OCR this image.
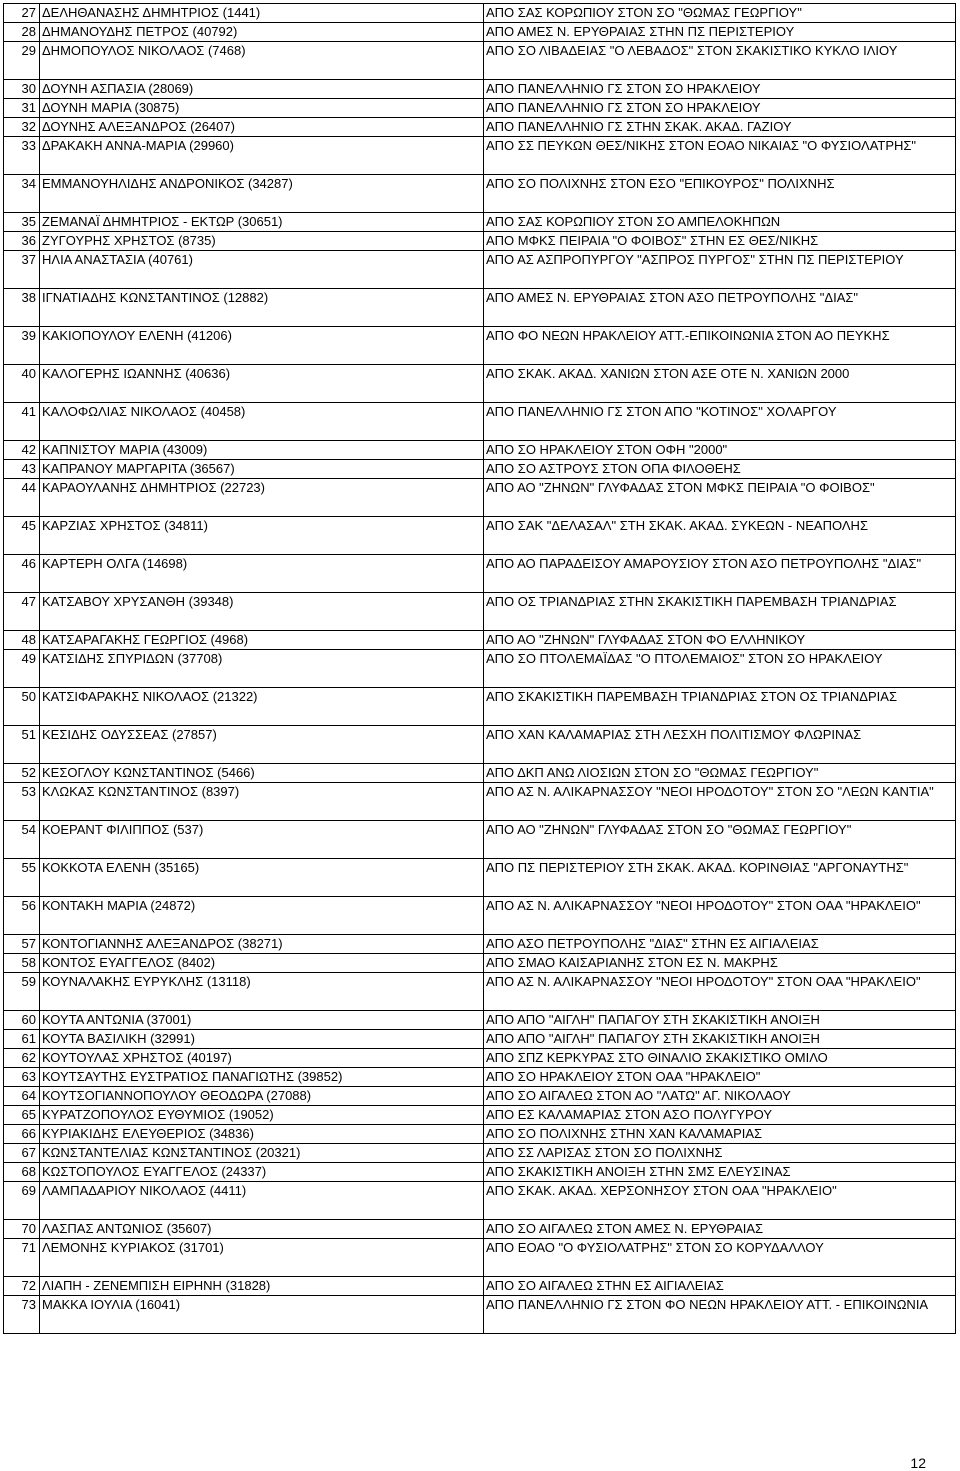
27	ΔΕΛΗΘΑΝΑΣΗΣ ΔΗΜΗΤΡΙΟΣ (1441)	ΑΠΟ ΣΑΣ ΚΟΡΩΠΙΟΥ ΣΤΟΝ ΣΟ "ΘΩΜΑΣ ΓΕΩΡΓΙΟΥ"
28	ΔΗΜΑΝΟΥΔΗΣ ΠΕΤΡΟΣ (40792)	ΑΠΟ ΑΜΕΣ Ν. ΕΡΥΘΡΑΙΑΣ ΣΤΗΝ ΠΣ ΠΕΡΙΣΤΕΡΙΟΥ
29	ΔΗΜΟΠΟΥΛΟΣ ΝΙΚΟΛΑΟΣ (7468)	ΑΠΟ ΣΟ ΛΙΒΑΔΕΙΑΣ "Ο ΛΕΒΑΔΟΣ" ΣΤΟΝ ΣΚΑΚΙΣΤΙΚΟ ΚΥΚΛΟ ΙΛΙΟΥ
30	ΔΟΥΝΗ ΑΣΠΑΣΙΑ (28069)	ΑΠΟ ΠΑΝΕΛΛΗΝΙΟ ΓΣ ΣΤΟΝ ΣΟ ΗΡΑΚΛΕΙΟΥ
31	ΔΟΥΝΗ ΜΑΡΙΑ (30875)	ΑΠΟ ΠΑΝΕΛΛΗΝΙΟ ΓΣ ΣΤΟΝ ΣΟ ΗΡΑΚΛΕΙΟΥ
32	ΔΟΥΝΗΣ ΑΛΕΞΑΝΔΡΟΣ (26407)	ΑΠΟ ΠΑΝΕΛΛΗΝΙΟ ΓΣ ΣΤΗΝ ΣΚΑΚ. ΑΚΑΔ. ΓΑΖΙΟΥ
33	ΔΡΑΚΑΚΗ ΑΝΝΑ-ΜΑΡΙΑ (29960)	ΑΠΟ ΣΣ ΠΕΥΚΩΝ ΘΕΣ/ΝΙΚΗΣ ΣΤΟΝ ΕΟΑΟ ΝΙΚΑΙΑΣ "Ο ΦΥΣΙΟΛΑΤΡΗΣ"
34	ΕΜΜΑΝΟΥΗΛΙΔΗΣ ΑΝΔΡΟΝΙΚΟΣ (34287)	ΑΠΟ ΣΟ ΠΟΛΙΧΝΗΣ ΣΤΟΝ ΕΣΟ "ΕΠΙΚΟΥΡΟΣ" ΠΟΛΙΧΝΗΣ
35	ΖΕΜΑΝΑΪ ΔΗΜΗΤΡΙΟΣ - ΕΚΤΩΡ (30651)	ΑΠΟ ΣΑΣ ΚΟΡΩΠΙΟΥ ΣΤΟΝ ΣΟ ΑΜΠΕΛΟΚΗΠΩΝ
36	ΖΥΓΟΥΡΗΣ ΧΡΗΣΤΟΣ (8735)	ΑΠΟ ΜΦΚΣ ΠΕΙΡΑΙΑ "Ο ΦΟΙΒΟΣ" ΣΤΗΝ ΕΣ ΘΕΣ/ΝΙΚΗΣ
37	ΗΛΙΑ ΑΝΑΣΤΑΣΙΑ (40761)	ΑΠΟ ΑΣ ΑΣΠΡΟΠΥΡΓΟΥ "ΑΣΠΡΟΣ ΠΥΡΓΟΣ" ΣΤΗΝ ΠΣ ΠΕΡΙΣΤΕΡΙΟΥ
38	ΙΓΝΑΤΙΑΔΗΣ ΚΩΝΣΤΑΝΤΙΝΟΣ (12882)	ΑΠΟ ΑΜΕΣ Ν. ΕΡΥΘΡΑΙΑΣ ΣΤΟΝ ΑΣΟ ΠΕΤΡΟΥΠΟΛΗΣ "ΔΙΑΣ"
39	ΚΑΚΙΟΠΟΥΛΟΥ ΕΛΕΝΗ (41206)	ΑΠΟ ΦΟ ΝΕΩΝ ΗΡΑΚΛΕΙΟΥ ΑΤΤ.-ΕΠΙΚΟΙΝΩΝΙΑ ΣΤΟΝ ΑΟ ΠΕΥΚΗΣ
40	ΚΑΛΟΓΕΡΗΣ ΙΩΑΝΝΗΣ (40636)	ΑΠΟ ΣΚΑΚ. ΑΚΑΔ. ΧΑΝΙΩΝ ΣΤΟΝ ΑΣΕ ΟΤΕ Ν. ΧΑΝΙΩΝ 2000
41	ΚΑΛΟΦΩΛΙΑΣ ΝΙΚΟΛΑΟΣ (40458)	ΑΠΟ ΠΑΝΕΛΛΗΝΙΟ ΓΣ ΣΤΟΝ ΑΠΟ "ΚΟΤΙΝΟΣ" ΧΟΛΑΡΓΟΥ
42	ΚΑΠΝΙΣΤΟΥ ΜΑΡΙΑ (43009)	ΑΠΟ ΣΟ ΗΡΑΚΛΕΙΟΥ ΣΤΟΝ ΟΦΗ "2000"
43	ΚΑΠΡΑΝΟΥ ΜΑΡΓΑΡΙΤΑ (36567)	ΑΠΟ ΣΟ ΑΣΤΡΟΥΣ ΣΤΟΝ ΟΠΑ ΦΙΛΟΘΕΗΣ
44	ΚΑΡΑΟΥΛΑΝΗΣ ΔΗΜΗΤΡΙΟΣ (22723)	ΑΠΟ ΑΟ "ΖΗΝΩΝ" ΓΛΥΦΑΔΑΣ ΣΤΟΝ ΜΦΚΣ ΠΕΙΡΑΙΑ "Ο ΦΟΙΒΟΣ"
45	ΚΑΡΖΙΑΣ ΧΡΗΣΤΟΣ (34811)	ΑΠΟ ΣΑΚ "ΔΕΛΑΣΑΛ" ΣΤΗ ΣΚΑΚ. ΑΚΑΔ. ΣΥΚΕΩΝ - ΝΕΑΠΟΛΗΣ
46	ΚΑΡΤΕΡΗ ΟΛΓΑ (14698)	ΑΠΟ ΑΟ ΠΑΡΑΔΕΙΣΟΥ ΑΜΑΡΟΥΣΙΟΥ ΣΤΟΝ ΑΣΟ ΠΕΤΡΟΥΠΟΛΗΣ "ΔΙΑΣ"
47	ΚΑΤΣΑΒΟΥ ΧΡΥΣΑΝΘΗ (39348)	ΑΠΟ ΟΣ ΤΡΙΑΝΔΡΙΑΣ ΣΤΗΝ ΣΚΑΚΙΣΤΙΚΗ ΠΑΡΕΜΒΑΣΗ ΤΡΙΑΝΔΡΙΑΣ
48	ΚΑΤΣΑΡΑΓΑΚΗΣ ΓΕΩΡΓΙΟΣ (4968)	ΑΠΟ ΑΟ "ΖΗΝΩΝ" ΓΛΥΦΑΔΑΣ ΣΤΟΝ ΦΟ ΕΛΛΗΝΙΚΟΥ
49	ΚΑΤΣΙΔΗΣ ΣΠΥΡΙΔΩΝ (37708)	ΑΠΟ ΣΟ ΠΤΟΛΕΜΑΪΔΑΣ "Ο ΠΤΟΛΕΜΑΙΟΣ" ΣΤΟΝ ΣΟ ΗΡΑΚΛΕΙΟΥ
50	ΚΑΤΣΙΦΑΡΑΚΗΣ ΝΙΚΟΛΑΟΣ (21322)	ΑΠΟ ΣΚΑΚΙΣΤΙΚΗ ΠΑΡΕΜΒΑΣΗ ΤΡΙΑΝΔΡΙΑΣ ΣΤΟΝ ΟΣ ΤΡΙΑΝΔΡΙΑΣ
51	ΚΕΣΙΔΗΣ ΟΔΥΣΣΕΑΣ (27857)	ΑΠΟ ΧΑΝ ΚΑΛΑΜΑΡΙΑΣ ΣΤΗ ΛΕΣΧΗ ΠΟΛΙΤΙΣΜΟΥ ΦΛΩΡΙΝΑΣ
52	ΚΕΣΟΓΛΟΥ ΚΩΝΣΤΑΝΤΙΝΟΣ (5466)	ΑΠΟ ΔΚΠ ΑΝΩ ΛΙΟΣΙΩΝ ΣΤΟΝ ΣΟ "ΘΩΜΑΣ ΓΕΩΡΓΙΟΥ"
53	ΚΛΩΚΑΣ ΚΩΝΣΤΑΝΤΙΝΟΣ (8397)	ΑΠΟ ΑΣ Ν. ΑΛΙΚΑΡΝΑΣΣΟΥ "ΝΕΟΙ ΗΡΟΔΟΤΟΥ" ΣΤΟΝ ΣΟ "ΛΕΩΝ ΚΑΝΤΙΑ"
54	ΚΟΕΡΑΝΤ ΦΙΛΙΠΠΟΣ (537)	ΑΠΟ ΑΟ "ΖΗΝΩΝ" ΓΛΥΦΑΔΑΣ ΣΤΟΝ ΣΟ "ΘΩΜΑΣ ΓΕΩΡΓΙΟΥ"
55	ΚΟΚΚΟΤΑ ΕΛΕΝΗ (35165)	ΑΠΟ ΠΣ ΠΕΡΙΣΤΕΡΙΟΥ ΣΤΗ ΣΚΑΚ. ΑΚΑΔ. ΚΟΡΙΝΘΙΑΣ "ΑΡΓΟΝΑΥΤΗΣ"
56	ΚΟΝΤΑΚΗ ΜΑΡΙΑ (24872)	ΑΠΟ ΑΣ Ν. ΑΛΙΚΑΡΝΑΣΣΟΥ "ΝΕΟΙ ΗΡΟΔΟΤΟΥ" ΣΤΟΝ ΟΑΑ "ΗΡΑΚΛΕΙΟ"
57	ΚΟΝΤΟΓΙΑΝΝΗΣ ΑΛΕΞΑΝΔΡΟΣ (38271)	ΑΠΟ ΑΣΟ ΠΕΤΡΟΥΠΟΛΗΣ "ΔΙΑΣ" ΣΤΗΝ ΕΣ ΑΙΓΙΑΛΕΙΑΣ
58	ΚΟΝΤΟΣ ΕΥΑΓΓΕΛΟΣ (8402)	ΑΠΟ ΣΜΑΟ ΚΑΙΣΑΡΙΑΝΗΣ ΣΤΟΝ ΕΣ Ν. ΜΑΚΡΗΣ
59	ΚΟΥΝΑΛΑΚΗΣ ΕΥΡΥΚΛΗΣ (13118)	ΑΠΟ ΑΣ Ν. ΑΛΙΚΑΡΝΑΣΣΟΥ "ΝΕΟΙ ΗΡΟΔΟΤΟΥ" ΣΤΟΝ ΟΑΑ "ΗΡΑΚΛΕΙΟ"
60	ΚΟΥΤΑ ΑΝΤΩΝΙΑ (37001)	ΑΠΟ ΑΠΟ "ΑΙΓΛΗ" ΠΑΠΑΓΟΥ ΣΤΗ ΣΚΑΚΙΣΤΙΚΗ ΑΝΟΙΞΗ
61	ΚΟΥΤΑ ΒΑΣΙΛΙΚΗ (32991)	ΑΠΟ ΑΠΟ "ΑΙΓΛΗ" ΠΑΠΑΓΟΥ ΣΤΗ ΣΚΑΚΙΣΤΙΚΗ ΑΝΟΙΞΗ
62	ΚΟΥΤΟΥΛΑΣ ΧΡΗΣΤΟΣ (40197)	ΑΠΟ ΣΠΖ ΚΕΡΚΥΡΑΣ ΣΤΟ ΘΙΝΑΛΙΟ ΣΚΑΚΙΣΤΙΚΟ ΟΜΙΛΟ
63	ΚΟΥΤΣΑΥΤΗΣ ΕΥΣΤΡΑΤΙΟΣ ΠΑΝΑΓΙΩΤΗΣ (39852)	ΑΠΟ ΣΟ ΗΡΑΚΛΕΙΟΥ ΣΤΟΝ ΟΑΑ "ΗΡΑΚΛΕΙΟ"
64	ΚΟΥΤΣΟΓΙΑΝΝΟΠΟΥΛΟΥ ΘΕΟΔΩΡΑ (27088)	ΑΠΟ ΣΟ ΑΙΓΑΛΕΩ ΣΤΟΝ ΑΟ "ΛΑΤΩ" ΑΓ. ΝΙΚΟΛΑΟΥ
65	ΚΥΡΑΤΖΟΠΟΥΛΟΣ ΕΥΘΥΜΙΟΣ (19052)	ΑΠΟ ΕΣ ΚΑΛΑΜΑΡΙΑΣ ΣΤΟΝ ΑΣΟ ΠΟΛΥΓΥΡΟΥ
66	ΚΥΡΙΑΚΙΔΗΣ ΕΛΕΥΘΕΡΙΟΣ (34836)	ΑΠΟ ΣΟ ΠΟΛΙΧΝΗΣ ΣΤΗΝ ΧΑΝ ΚΑΛΑΜΑΡΙΑΣ
67	ΚΩΝΣΤΑΝΤΕΛΙΑΣ ΚΩΝΣΤΑΝΤΙΝΟΣ (20321)	ΑΠΟ ΣΣ ΛΑΡΙΣΑΣ ΣΤΟΝ ΣΟ ΠΟΛΙΧΝΗΣ
68	ΚΩΣΤΟΠΟΥΛΟΣ ΕΥΑΓΓΕΛΟΣ (24337)	ΑΠΟ ΣΚΑΚΙΣΤΙΚΗ ΑΝΟΙΞΗ ΣΤΗΝ ΣΜΣ ΕΛΕΥΣΙΝΑΣ
69	ΛΑΜΠΑΔΑΡΙΟΥ ΝΙΚΟΛΑΟΣ (4411)	ΑΠΟ ΣΚΑΚ. ΑΚΑΔ. ΧΕΡΣΟΝΗΣΟΥ ΣΤΟΝ ΟΑΑ "ΗΡΑΚΛΕΙΟ"
70	ΛΑΣΠΑΣ ΑΝΤΩΝΙΟΣ (35607)	ΑΠΟ ΣΟ ΑΙΓΑΛΕΩ ΣΤΟΝ ΑΜΕΣ Ν. ΕΡΥΘΡΑΙΑΣ
71	ΛΕΜΟΝΗΣ ΚΥΡΙΑΚΟΣ (31701)	ΑΠΟ ΕΟΑΟ "Ο ΦΥΣΙΟΛΑΤΡΗΣ" ΣΤΟΝ ΣΟ ΚΟΡΥΔΑΛΛΟΥ
72	ΛΙΑΠΗ - ΖΕΝΕΜΠΙΣΗ ΕΙΡΗΝΗ (31828)	ΑΠΟ ΣΟ ΑΙΓΑΛΕΩ ΣΤΗΝ ΕΣ ΑΙΓΙΑΛΕΙΑΣ
73	ΜΑΚΚΑ ΙΟΥΛΙΑ (16041)	ΑΠΟ ΠΑΝΕΛΛΗΝΙΟ ΓΣ ΣΤΟΝ ΦΟ ΝΕΩΝ ΗΡΑΚΛΕΙΟΥ ΑΤΤ. - ΕΠΙΚΟΙΝΩΝΙΑ
12
